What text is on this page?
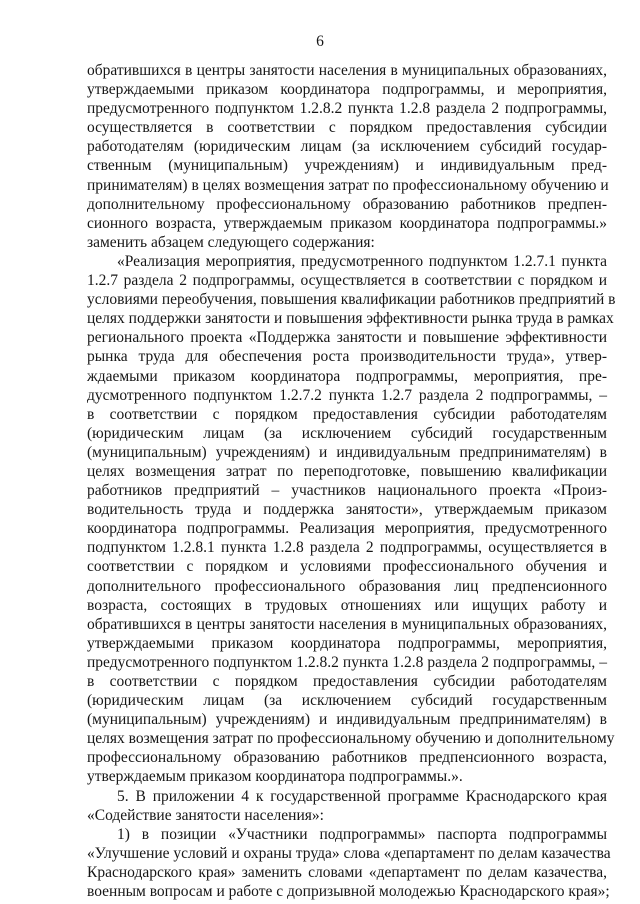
6
обратившихся в центры занятости населения в муниципальных образованиях,
утверждаемыми приказом координатора подпрограммы, и мероприятия,
предусмотренного подпунктом 1.2.8.2 пункта 1.2.8 раздела 2 подпрограммы,
осуществляется в соответствии с порядком предоставления субсидии
работодателям (юридическим лицам (за исключением субсидий государ-
ственным (муниципальным) учреждениям) и индивидуальным пред-
принимателям) в целях возмещения затрат по профессиональному обучению и
дополнительному профессиональному образованию работников предпен-
сионного возраста, утверждаемым приказом координатора подпрограммы.»
заменить абзацем следующего содержания:
«Реализация мероприятия, предусмотренного подпунктом 1.2.7.1 пункта
1.2.7 раздела 2 подпрограммы, осуществляется в соответствии с порядком и
условиями переобучения, повышения квалификации работников предприятий в
целях поддержки занятости и повышения эффективности рынка труда в рамках
регионального проекта «Поддержка занятости и повышение эффективности
рынка труда для обеспечения роста производительности труда», утвер-
ждаемыми приказом координатора подпрограммы, мероприятия, пре-
дусмотренного подпунктом 1.2.7.2 пункта 1.2.7 раздела 2 подпрограммы, –
в соответствии с порядком предоставления субсидии работодателям
(юридическим лицам (за исключением субсидий государственным
(муниципальным) учреждениям) и индивидуальным предпринимателям) в
целях возмещения затрат по переподготовке, повышению квалификации
работников предприятий – участников национального проекта «Произ-
водительность труда и поддержка занятости», утверждаемым приказом
координатора подпрограммы. Реализация мероприятия, предусмотренного
подпунктом 1.2.8.1 пункта 1.2.8 раздела 2 подпрограммы, осуществляется в
соответствии с порядком и условиями профессионального обучения и
дополнительного профессионального образования лиц предпенсионного
возраста, состоящих в трудовых отношениях или ищущих работу и
обратившихся в центры занятости населения в муниципальных образованиях,
утверждаемыми приказом координатора подпрограммы, мероприятия,
предусмотренного подпунктом 1.2.8.2 пункта 1.2.8 раздела 2 подпрограммы, –
в соответствии с порядком предоставления субсидии работодателям
(юридическим лицам (за исключением субсидий государственным
(муниципальным) учреждениям) и индивидуальным предпринимателям) в
целях возмещения затрат по профессиональному обучению и дополнительному
профессиональному образованию работников предпенсионного возраста,
утверждаемым приказом координатора подпрограммы.».
5. В приложении 4 к государственной программе Краснодарского края
«Содействие занятости населения»:
1) в позиции «Участники подпрограммы» паспорта подпрограммы
«Улучшение условий и охраны труда» слова «департамент по делам казачества
Краснодарского края» заменить словами «департамент по делам казачества,
военным вопросам и работе с допризывной молодежью Краснодарского края»;
